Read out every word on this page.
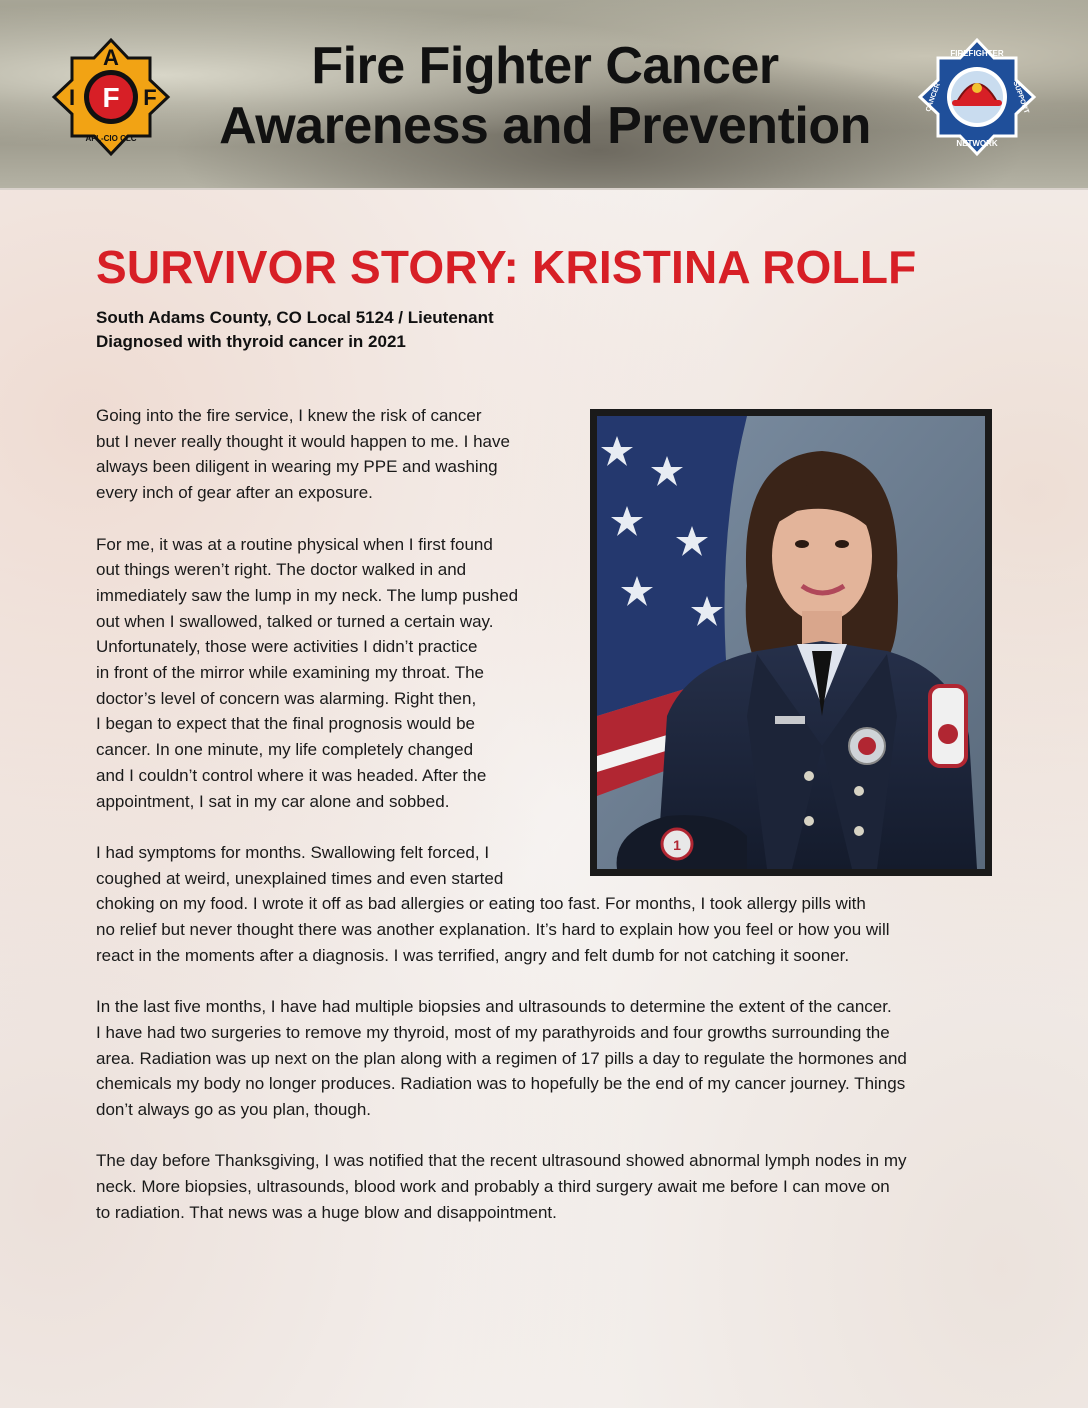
F
A
I	F
AFL-CIO CLC
Fire Fighter Cancer
Awareness and Prevention
FIREFIGHTER
NETWORK
CANCER	SUPPORT
SURVIVOR STORY: KRISTINA ROLLF
South Adams County, CO Local 5124 / Lieutenant
Diagnosed with thyroid cancer in 2021
1
Going into the fire service, I knew the risk of cancer
but I never really thought it would happen to me. I have
always been diligent in wearing my PPE and washing
every inch of gear after an exposure.
For me, it was at a routine physical when I first found
out things weren’t right. The doctor walked in and
immediately saw the lump in my neck. The lump pushed
out when I swallowed, talked or turned a certain way.
Unfortunately, those were activities I didn’t practice
in front of the mirror while examining my throat. The
doctor’s level of concern was alarming. Right then,
I began to expect that the final prognosis would be
cancer. In one minute, my life completely changed
and I couldn’t control where it was headed. After the
appointment, I sat in my car alone and sobbed.
I had symptoms for months. Swallowing felt forced, I
coughed at weird, unexplained times and even started
choking on my food. I wrote it off as bad allergies or eating too fast. For months, I took allergy pills with
no relief but never thought there was another explanation. It’s hard to explain how you feel or how you will
react in the moments after a diagnosis. I was terrified, angry and felt dumb for not catching it sooner.
In the last five months, I have had multiple biopsies and ultrasounds to determine the extent of the cancer.
I have had two surgeries to remove my thyroid, most of my parathyroids and four growths surrounding the
area. Radiation was up next on the plan along with a regimen of 17 pills a day to regulate the hormones and
chemicals my body no longer produces. Radiation was to hopefully be the end of my cancer journey. Things
don’t always go as you plan, though.
The day before Thanksgiving, I was notified that the recent ultrasound showed abnormal lymph nodes in my
neck. More biopsies, ultrasounds, blood work and probably a third surgery await me before I can move on
to radiation. That news was a huge blow and disappointment.
